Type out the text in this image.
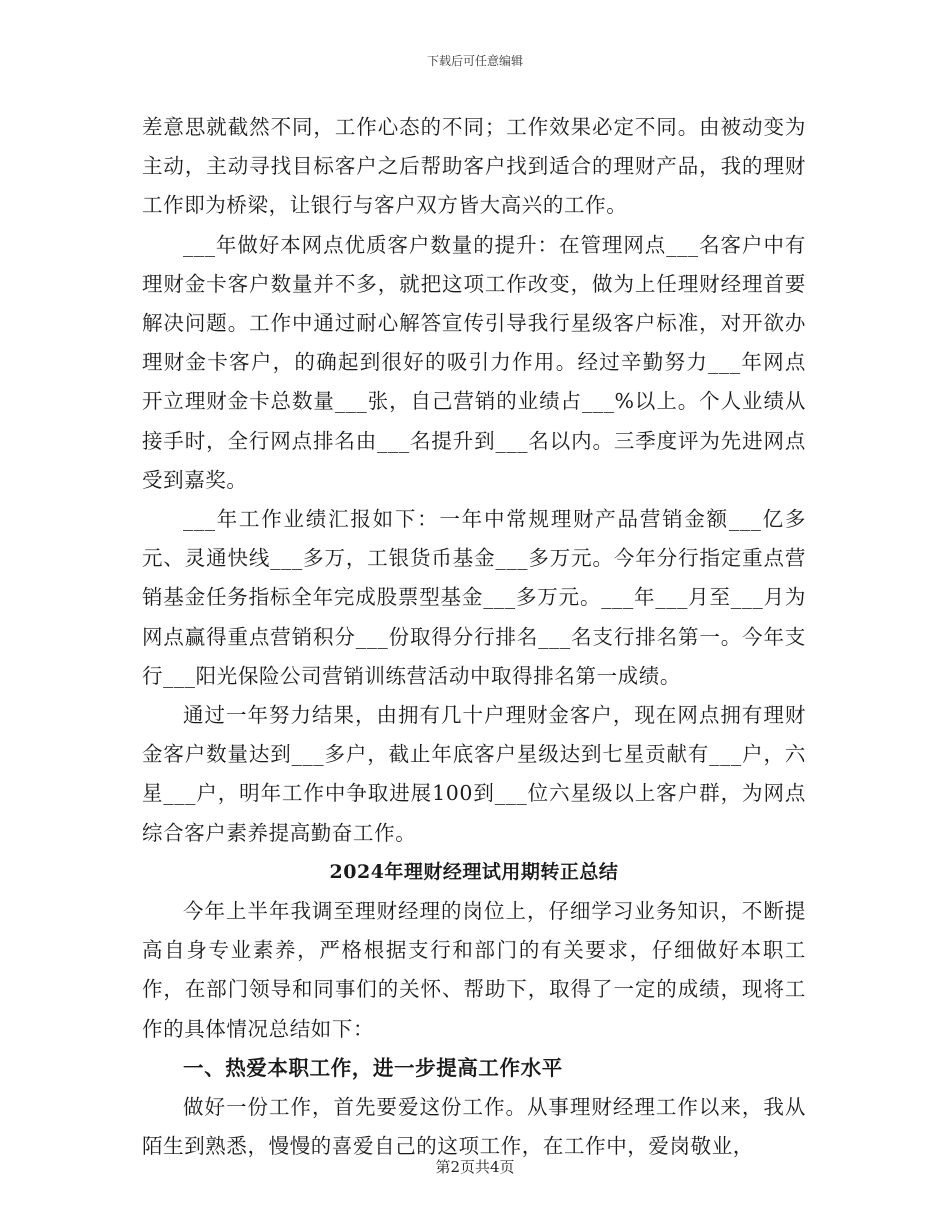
下载后可任意编辑

差意思就截然不同，工作心态的不同；工作效果必定不同。由被动变为主动，主动寻找目标客户之后帮助客户找到适合的理财产品，我的理财工作即为桥梁，让银行与客户双方皆大高兴的工作。

___年做好本网点优质客户数量的提升：在管理网点___名客户中有理财金卡客户数量并不多，就把这项工作改变，做为上任理财经理首要解决问题。工作中通过耐心解答宣传引导我行星级客户标准，对开欲办理财金卡客户，的确起到很好的吸引力作用。经过辛勤努力___年网点开立理财金卡总数量___张，自己营销的业绩占___%以上。个人业绩从接手时，全行网点排名由___名提升到___名以内。三季度评为先进网点受到嘉奖。

___年工作业绩汇报如下：一年中常规理财产品营销金额___亿多元、灵通快线___多万，工银货币基金___多万元。今年分行指定重点营销基金任务指标全年完成股票型基金___多万元。___年___月至___月为网点赢得重点营销积分___份取得分行排名___名支行排名第一。今年支行___阳光保险公司营销训练营活动中取得排名第一成绩。

通过一年努力结果，由拥有几十户理财金客户，现在网点拥有理财金客户数量达到___多户，截止年底客户星级达到七星贡献有___户，六星___户，明年工作中争取进展100到___位六星级以上客户群，为网点综合客户素养提高勤奋工作。

2024年理财经理试用期转正总结

今年上半年我调至理财经理的岗位上，仔细学习业务知识，不断提高自身专业素养，严格根据支行和部门的有关要求，仔细做好本职工作，在部门领导和同事们的关怀、帮助下，取得了一定的成绩，现将工作的具体情况总结如下：

一、热爱本职工作，进一步提高工作水平

做好一份工作，首先要爱这份工作。从事理财经理工作以来，我从陌生到熟悉，慢慢的喜爱自己的这项工作，在工作中，爱岗敬业，

第2页共4页
